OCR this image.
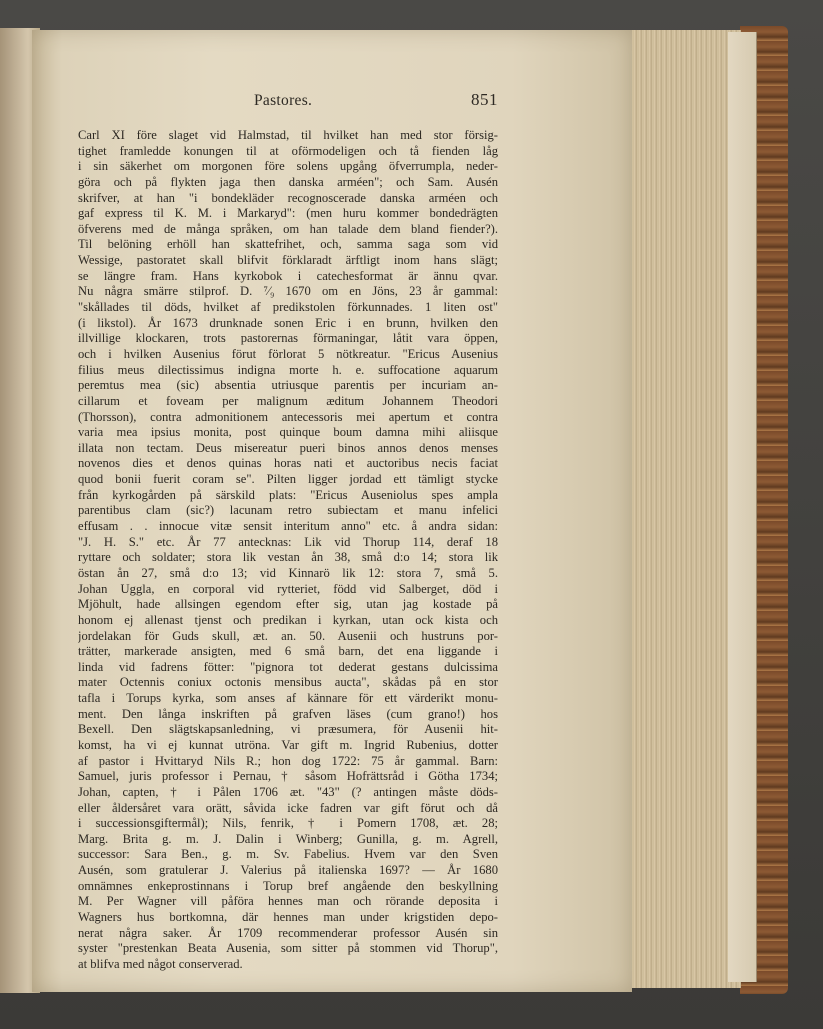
Pastores.	851
Carl XI före slaget vid Halmstad, til hvilket han med stor försig-
tighet framledde konungen til at oförmodeligen och tå fienden låg
i sin säkerhet om morgonen före solens upgång öfverrumpla, neder-
göra och på flykten jaga then danska arméen"; och Sam. Ausén
skrifver, at han "i bondekläder recognoscerade danska arméen och
gaf express til K. M. i Markaryd": (men huru kommer bondedrägten
öfverens med de många språken, om han talade dem bland fiender?).
Til belöning erhöll han skattefrihet, och, samma saga som vid
Wessige, pastoratet skall blifvit förklaradt ärftligt inom hans slägt;
se längre fram. Hans kyrkobok i catechesformat är ännu qvar.
Nu några smärre stilprof. D. ⁷⁄₉ 1670 om en Jöns, 23 år gammal:
"skållades til döds, hvilket af predikstolen förkunnades. 1 liten ost"
(i likstol). År 1673 drunknade sonen Eric i en brunn, hvilken den
illvillige klockaren, trots pastorernas förmaningar, låtit vara öppen,
och i hvilken Ausenius förut förlorat 5 nötkreatur. "Ericus Ausenius
filius meus dilectissimus indigna morte h. e. suffocatione aquarum
peremtus mea (sic) absentia utriusque parentis per incuriam an-
cillarum et foveam per malignum æditum Johannem Theodori
(Thorsson), contra admonitionem antecessoris mei apertum et contra
varia mea ipsius monita, post quinque boum damna mihi aliisque
illata non tectam. Deus misereatur pueri binos annos denos menses
novenos dies et denos quinas horas nati et auctoribus necis faciat
quod bonii fuerit coram se". Pilten ligger jordad ett tämligt stycke
från kyrkogården på särskild plats: "Ericus Auseniolus spes ampla
parentibus clam (sic?) lacunam retro subiectam et manu infelici
effusam . . innocue vitæ sensit interitum anno" etc. å andra sidan:
"J. H. S." etc. År 77 antecknas: Lik vid Thorup 114, deraf 18
ryttare och soldater; stora lik vestan ån 38, små d:o 14; stora lik
östan ån 27, små d:o 13; vid Kinnarö lik 12: stora 7, små 5.
Johan Uggla, en corporal vid rytteriet, född vid Salberget, död i
Mjöhult, hade allsingen egendom efter sig, utan jag kostade på
honom ej allenast tjenst och predikan i kyrkan, utan ock kista och
jordelakan för Guds skull, æt. an. 50. Ausenii och hustruns por-
trätter, markerade ansigten, med 6 små barn, det ena liggande i
linda vid fadrens fötter: "pignora tot dederat gestans dulcissima
mater Octennis coniux octonis mensibus aucta", skådas på en stor
tafla i Torups kyrka, som anses af kännare för ett värderikt monu-
ment. Den långa inskriften på grafven läses (cum grano!) hos
Bexell. Den slägtskapsanledning, vi præsumera, för Ausenii hit-
komst, ha vi ej kunnat utröna. Var gift m. Ingrid Rubenius, dotter
af pastor i Hvittaryd Nils R.; hon dog 1722: 75 år gammal. Barn:
Samuel, juris professor i Pernau, † såsom Hofrättsråd i Götha 1734;
Johan, capten, † i Pålen 1706 æt. "43" (? antingen måste döds-
eller åldersåret vara orätt, såvida icke fadren var gift förut och då
i successionsgiftermål); Nils, fenrik, † i Pomern 1708, æt. 28;
Marg. Brita g. m. J. Dalin i Winberg; Gunilla, g. m. Agrell,
successor: Sara Ben., g. m. Sv. Fabelius. Hvem var den Sven
Ausén, som gratulerar J. Valerius på italienska 1697? — År 1680
omnämnes enkeprostinnans i Torup bref angående den beskyllning
M. Per Wagner vill påföra hennes man och rörande deposita i
Wagners hus bortkomna, där hennes man under krigstiden depo-
nerat några saker. År 1709 recommenderar professor Ausén sin
syster "prestenkan Beata Ausenia, som sitter på stommen vid Thorup",
at blifva med något conserverad.
